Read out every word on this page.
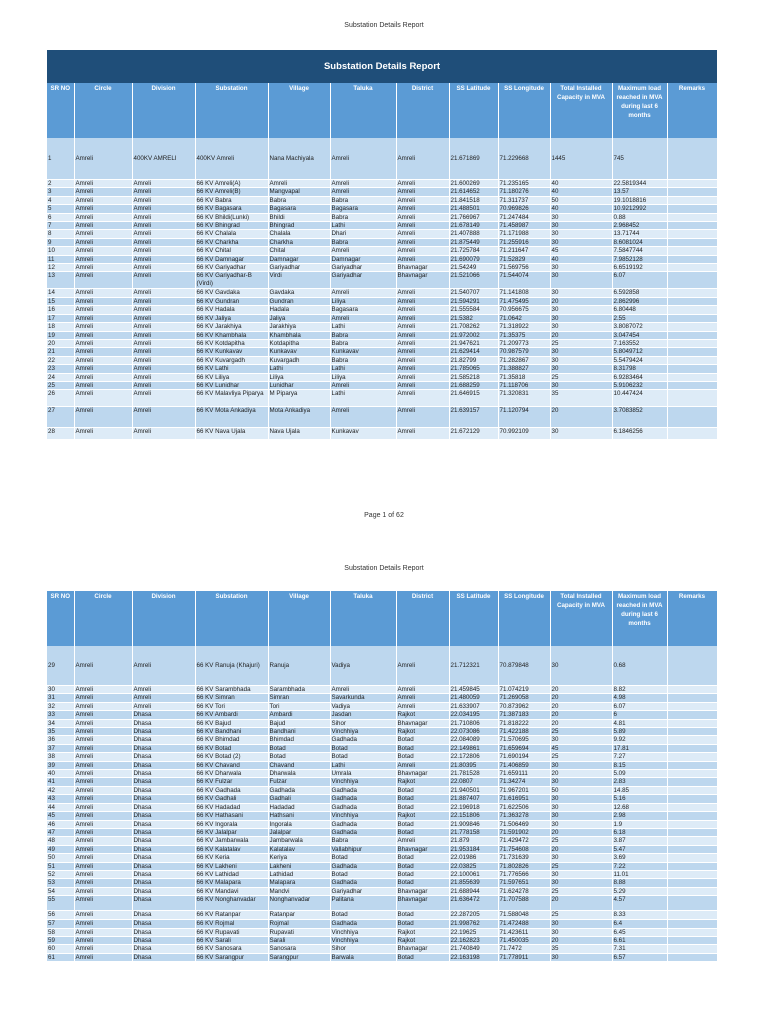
Substation Details Report
Substation Details Report
SR NO	Circle	Division	Substation	Village	Taluka	District	SS Latitude	SS Longitude	Total Installed Capacity in MVA	Maximum load reached in MVA during last 6 months	Remarks
1	Amreli	400KV AMRELI	400KV Amreli	Nana Machiyala	Amreli	Amreli	21.671869	71.229668	1445	745	
2	Amreli	Amreli	66 KV Amreli(A)	Amreli	Amreli	Amreli	21.600269	71.235165	40	22.5819344	
3	Amreli	Amreli	66 KV Amreli(B)	Mangvapal	Amreli	Amreli	21.614652	71.180276	40	13.57	
4	Amreli	Amreli	66 KV Babra	Babra	Babra	Amreli	21.841518	71.311737	50	19.1018816	
5	Amreli	Amreli	66 KV Bagasara	Bagasara	Bagasara	Amreli	21.488501	70.969826	40	10.9212992	
6	Amreli	Amreli	66 KV Bhildi(Lunki)	Bhildi	Babra	Amreli	21.766967	71.247484	30	0.88	
7	Amreli	Amreli	66 KV Bhingrad	Bhingrad	Lathi	Amreli	21.678149	71.458987	30	2.968452	
8	Amreli	Amreli	66 KV Chalala	Chalala	Dhari	Amreli	21.407888	71.171988	30	13.71744	
9	Amreli	Amreli	66 KV Charkha	Charkha	Babra	Amreli	21.875449	71.255916	30	8.6081024	
10	Amreli	Amreli	66 KV Chital	Chital	Amreli	Amreli	21.725784	71.211647	45	7.5847744	
11	Amreli	Amreli	66 KV Damnagar	Damnagar	Damnagar	Amreli	21.690079	71.52829	40	7.9852128	
12	Amreli	Amreli	66 KV Gariyadhar	Gariyadhar	Gariyadhar	Bhavnagar	21.54249	71.569756	30	6.6519192	
13	Amreli	Amreli	66 KV Gariyadhar-B (Virdi)	Virdi	Gariyadhar	Bhavnagar	21.521066	71.544074	30	6.07	
14	Amreli	Amreli	66 KV Gavdaka	Gavdaka	Amreli	Amreli	21.540707	71.141808	30	6.592858	
15	Amreli	Amreli	66 KV Gundran	Gundran	Liliya	Amreli	21.594291	71.475495	20	2.862996	
16	Amreli	Amreli	66 KV Hadala	Hadala	Bagasara	Amreli	21.555584	70.956675	30	6.80448	
17	Amreli	Amreli	66 KV Jaliya	Jaliya	Amreli	Amreli	21.5382	71.0642	30	2.55	
18	Amreli	Amreli	66 KV Jarakhiya	Jarakhiya	Lathi	Amreli	21.708262	71.318922	30	3.8087072	
19	Amreli	Amreli	66 KV Khambhala	Khambhala	Babra	Amreli	21.972002	71.35375	20	3.047454	
20	Amreli	Amreli	66 KV Kotdapitha	Kotdapitha	Babra	Amreli	21.947621	71.209773	25	7.163552	
21	Amreli	Amreli	66 KV Kunkavav	Kunkavav	Kunkavav	Amreli	21.629414	70.987579	30	5.8049712	
22	Amreli	Amreli	66 KV Kuvargadh	Kuvargadh	Babra	Amreli	21.82799	71.282867	30	5.5479424	
23	Amreli	Amreli	66 KV Lathi	Lathi	Lathi	Amreli	21.785065	71.388827	30	8.31798	
24	Amreli	Amreli	66 KV Liliya	Liliya	Liliya	Amreli	21.585218	71.35818	25	6.9283464	
25	Amreli	Amreli	66 KV Lunidhar	Lunidhar	Amreli	Amreli	21.688259	71.118706	30	5.9106232	
26	Amreli	Amreli	66 KV Malavliya Piparya	M Piparya	Lathi	Amreli	21.646915	71.320831	35	10.447424	
27	Amreli	Amreli	66 KV Mota Ankadiya	Mota Ankadiya	Amreli	Amreli	21.639157	71.120794	20	3.7083852	
28	Amreli	Amreli	66 KV Nava Ujala	Nava Ujala	Kunkavav	Amreli	21.672129	70.992109	30	6.1846256	
Page 1 of 62
Substation Details Report
SR NO	Circle	Division	Substation	Village	Taluka	District	SS Latitude	SS Longitude	Total Installed Capacity in MVA	Maximum load reached in MVA during last 6 months	Remarks
29	Amreli	Amreli	66 KV Ranuja (Khajuri)	Ranuja	Vadiya	Amreli	21.712321	70.879848	30	0.68	
30	Amreli	Amreli	66 KV Sarambhada	Sarambhada	Amreli	Amreli	21.459845	71.074219	20	8.82	
31	Amreli	Amreli	66 KV Simran	Simran	Savarkunda	Amreli	21.480059	71.269058	20	4.98	
32	Amreli	Amreli	66 KV Tori	Tori	Vadiya	Amreli	21.633907	70.873962	20	6.07	
33	Amreli	Dhasa	66 KV Ambardi	Ambardi	Jasdan	Rajkot	22.034195	71.387183	20	6	
34	Amreli	Dhasa	66 KV Bajud	Bajud	Sihor	Bhavnagar	21.710806	71.818222	20	4.81	
35	Amreli	Dhasa	66 KV Bandhani	Bandhani	Vinchhiya	Rajkot	22.073086	71.422188	25	5.89	
36	Amreli	Dhasa	66 KV Bhimdad	Bhimdad	Gadhada	Botad	22.084089	71.570695	30	9.92	
37	Amreli	Dhasa	66 KV Botad	Botad	Botad	Botad	22.149861	71.659694	45	17.81	
38	Amreli	Dhasa	66 KV Botad (2)	Botad	Botad	Botad	22.172806	71.690194	25	7.27	
39	Amreli	Dhasa	66 KV Chavand	Chavand	Lathi	Amreli	21.80395	71.406859	30	8.15	
40	Amreli	Dhasa	66 KV Dharwala	Dharwala	Umrala	Bhavnagar	21.781528	71.659111	20	5.09	
41	Amreli	Dhasa	66 KV Fulzar	Fulzar	Vinchhiya	Rajkot	22.0807	71.34274	30	2.83	
42	Amreli	Dhasa	66 KV Gadhada	Gadhada	Gadhada	Botad	21.940501	71.967201	50	14.85	
43	Amreli	Dhasa	66 KV Gadhali	Gadhali	Gadhada	Botad	21.887407	71.616951	30	5.16	
44	Amreli	Dhasa	66 KV Hadadad	Hadadad	Gadhada	Botad	22.196918	71.622506	30	12.68	
45	Amreli	Dhasa	66 KV Hathasani	Hathsani	Vinchhiya	Rajkot	22.151806	71.363278	30	2.98	
46	Amreli	Dhasa	66 KV Ingorala	Ingorala	Gadhada	Botad	21.909846	71.506469	30	1.9	
47	Amreli	Dhasa	66 KV Jalalpar	Jalalpar	Gadhada	Botad	21.778158	71.591902	20	6.18	
48	Amreli	Dhasa	66 KV Jambarwala	Jambarwala	Babra	Amreli	21.879	71.429472	25	3.87	
49	Amreli	Dhasa	66 KV Kalatalav	Kalatalav	Vallabhipur	Bhavnagar	21.953184	71.754608	20	5.47	
50	Amreli	Dhasa	66 KV Keria	Keriya	Botad	Botad	22.01986	71.731639	30	3.69	
51	Amreli	Dhasa	66 KV Lakheni	Lakheni	Gadhada	Botad	22.03825	71.802826	25	7.22	
52	Amreli	Dhasa	66 KV Lathidad	Lathidad	Botad	Botad	22.100061	71.776566	30	11.01	
53	Amreli	Dhasa	66 KV Malapara	Malapara	Gadhada	Botad	21.855639	71.597651	30	8.88	
54	Amreli	Dhasa	66 KV Mandavi	Mandvi	Gariyadhar	Bhavnagar	21.688944	71.624278	25	5.29	
55	Amreli	Dhasa	66 KV Nonghanvadar	Nonghanvadar	Palitana	Bhavnagar	21.636472	71.707588	20	4.57	
56	Amreli	Dhasa	66 KV Ratanpar	Ratanpar	Botad	Botad	22.287205	71.588048	25	8.33	
57	Amreli	Dhasa	66 KV Rojmal	Rojmal	Gadhada	Botad	21.998762	71.472488	30	6.4	
58	Amreli	Dhasa	66 KV Rupavati	Rupavati	Vinchhiya	Rajkot	22.19625	71.423611	30	6.45	
59	Amreli	Dhasa	66 KV Sarali	Sarali	Vinchhiya	Rajkot	22.162823	71.450035	20	6.61	
60	Amreli	Dhasa	66 KV Sanosara	Sanosara	Sihor	Bhavnagar	21.740849	71.7472	35	7.31	
61	Amreli	Dhasa	66 KV Sarangpur	Sarangpur	Barwala	Botad	22.163198	71.778911	30	6.57	
